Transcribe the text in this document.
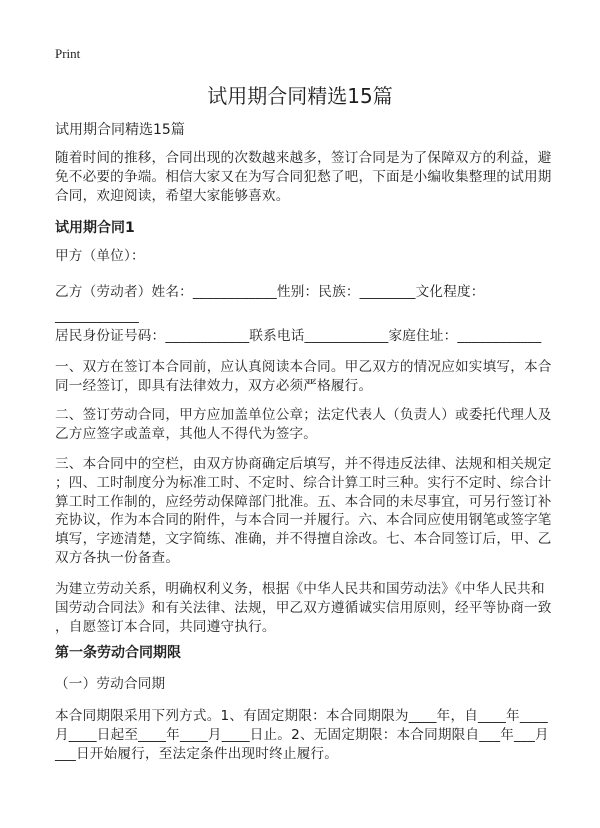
Print
试用期合同精选15篇
试用期合同精选15篇
随着时间的推移，合同出现的次数越来越多，签订合同是为了保障双方的利益，避
免不必要的争端。相信大家又在为写合同犯愁了吧，下面是小编收集整理的试用期
合同，欢迎阅读，希望大家能够喜欢。
试用期合同1
甲方（单位）：
乙方（劳动者）姓名：____________性别：民族：________文化程度：
____________
居民身份证号码：____________联系电话____________家庭住址：____________
一、双方在签订本合同前，应认真阅读本合同。甲乙双方的情况应如实填写，本合
同一经签订，即具有法律效力，双方必须严格履行。
二、签订劳动合同，甲方应加盖单位公章；法定代表人（负责人）或委托代理人及
乙方应签字或盖章，其他人不得代为签字。
三、本合同中的空栏，由双方协商确定后填写，并不得违反法律、法规和相关规定
；四、工时制度分为标准工时、不定时、综合计算工时三种。实行不定时、综合计
算工时工作制的，应经劳动保障部门批准。五、本合同的未尽事宜，可另行签订补
充协议，作为本合同的附件，与本合同一并履行。六、本合同应使用钢笔或签字笔
填写，字迹清楚，文字简练、准确，并不得擅自涂改。七、本合同签订后，甲、乙
双方各执一份备查。
为建立劳动关系，明确权利义务，根据《中华人民共和国劳动法》《中华人民共和
国劳动合同法》和有关法律、法规，甲乙双方遵循诚实信用原则，经平等协商一致
，自愿签订本合同，共同遵守执行。
第一条劳动合同期限
（一）劳动合同期
本合同期限采用下列方式。1、有固定期限：本合同期限为____年，自____年____
月____日起至____年____月____日止。2、无固定期限：本合同期限自___年___月
___日开始履行，至法定条件出现时终止履行。
